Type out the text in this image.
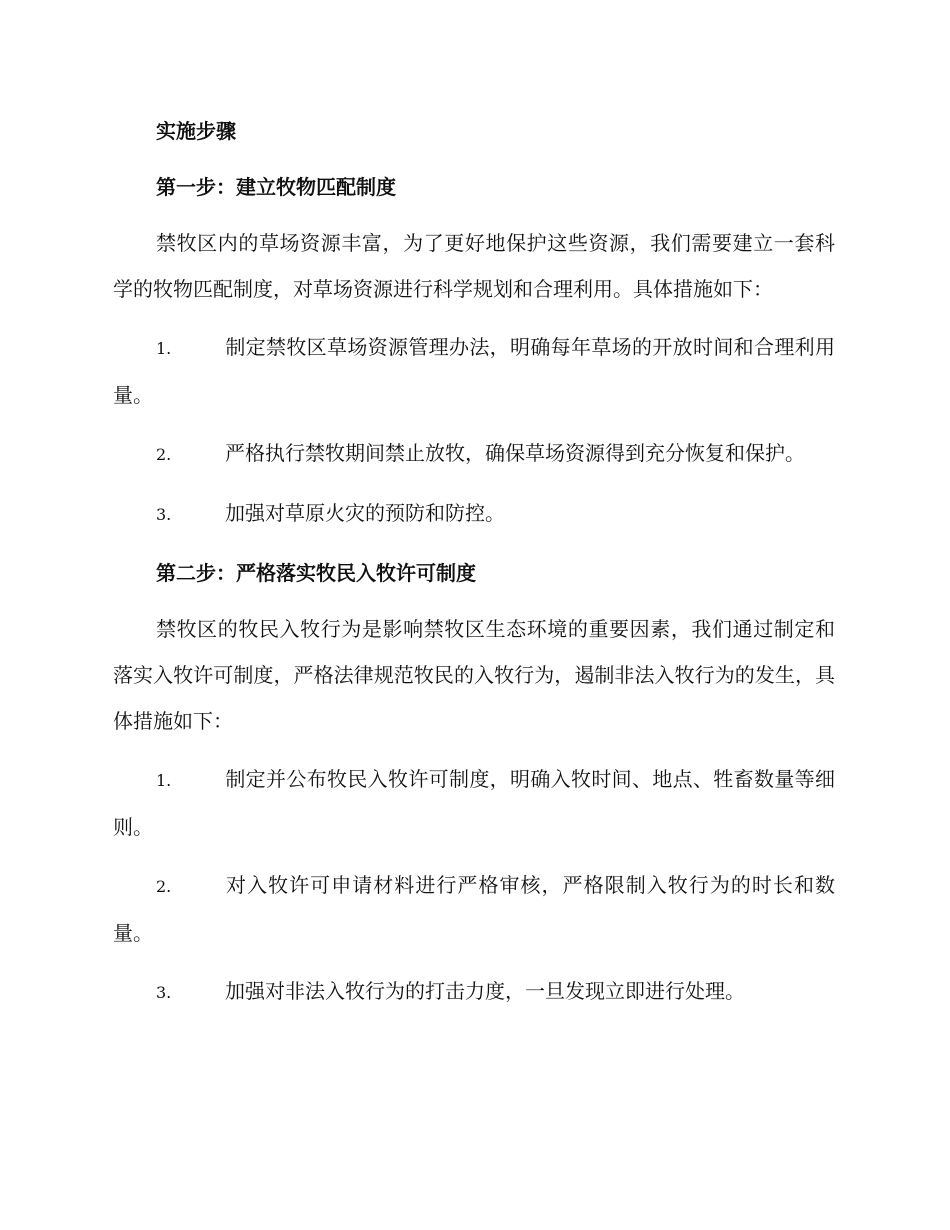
实施步骤
第一步：建立牧物匹配制度

禁牧区内的草场资源丰富，为了更好地保护这些资源，我们需要建立一套科学的牧物匹配制度，对草场资源进行科学规划和合理利用。具体措施如下：

1.	制定禁牧区草场资源管理办法，明确每年草场的开放时间和合理利用量。

2.	严格执行禁牧期间禁止放牧，确保草场资源得到充分恢复和保护。

3.	加强对草原火灾的预防和防控。

第二步：严格落实牧民入牧许可制度

禁牧区的牧民入牧行为是影响禁牧区生态环境的重要因素，我们通过制定和落实入牧许可制度，严格法律规范牧民的入牧行为，遏制非法入牧行为的发生，具体措施如下：

1.	制定并公布牧民入牧许可制度，明确入牧时间、地点、牲畜数量等细则。

2.	对入牧许可申请材料进行严格审核，严格限制入牧行为的时长和数量。

3.	加强对非法入牧行为的打击力度，一旦发现立即进行处理。
